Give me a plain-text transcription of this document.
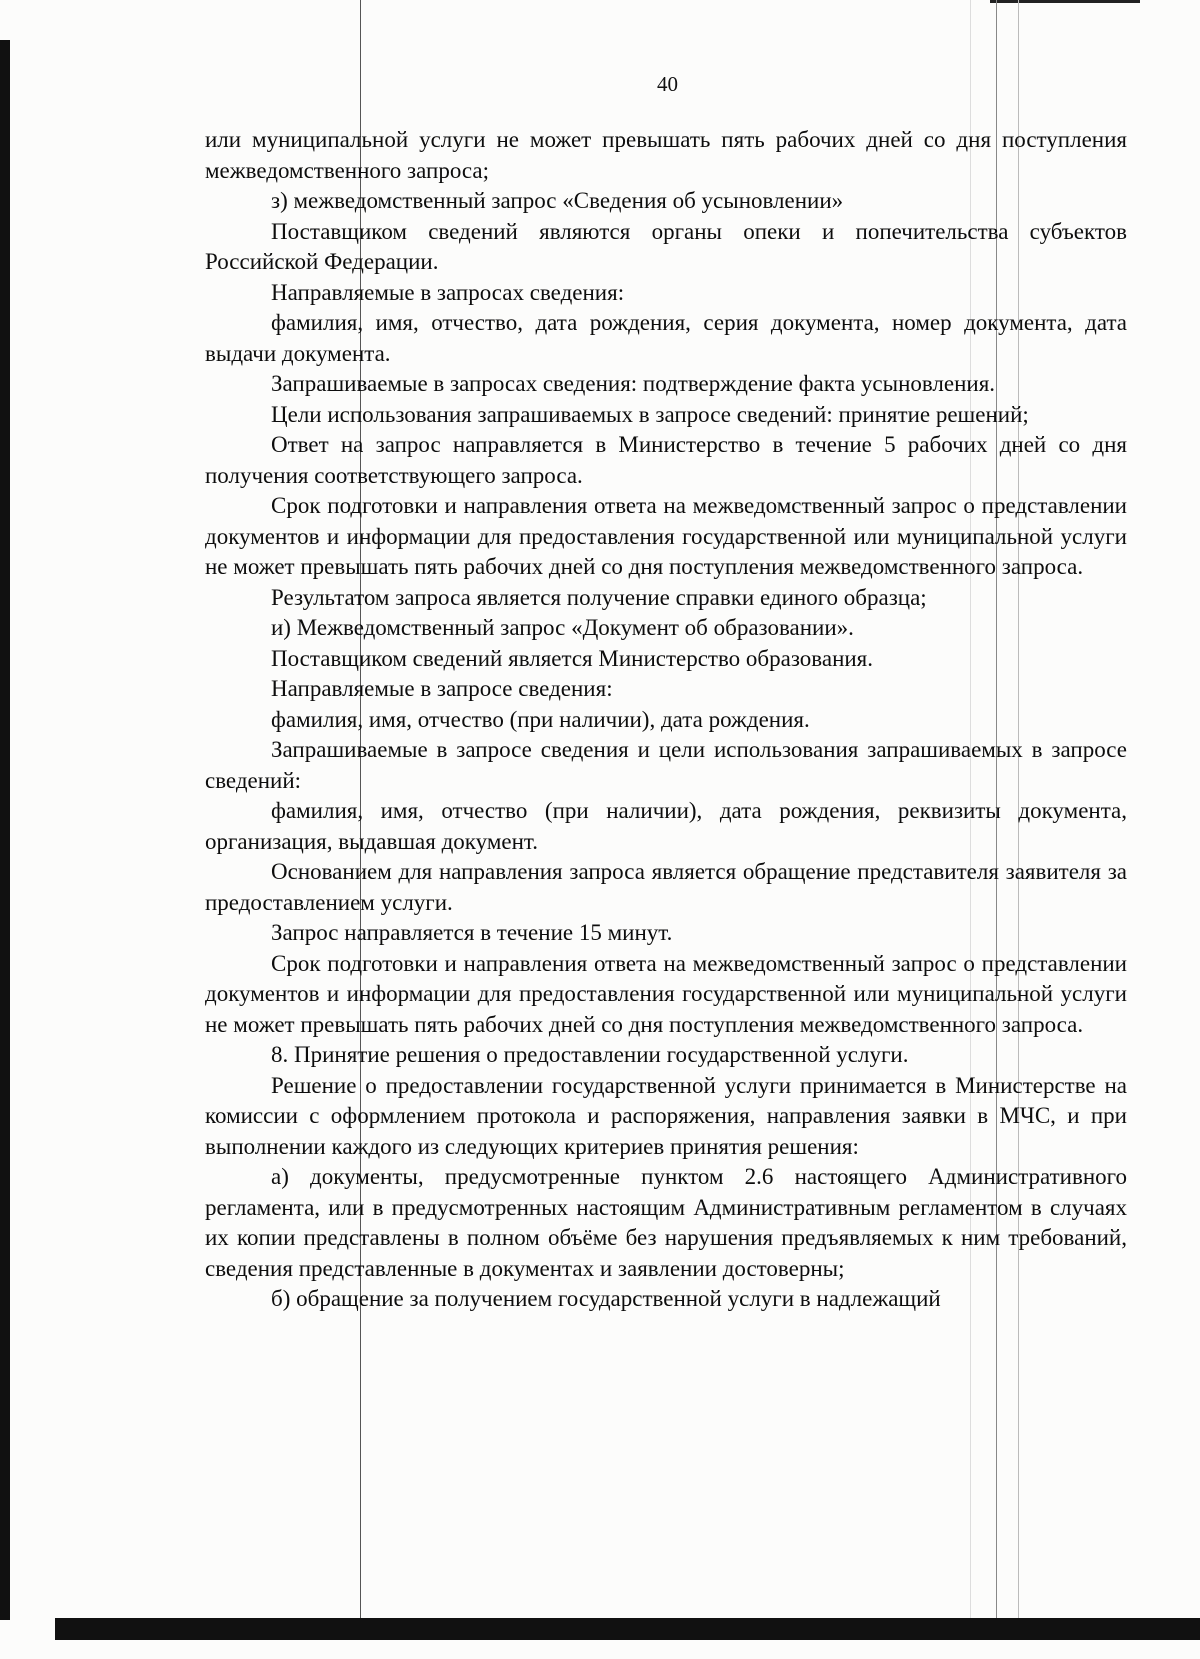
40

или муниципальной услуги не может превышать пять рабочих дней со дня поступления межведомственного запроса;

з) межведомственный запрос «Сведения об усыновлении»

Поставщиком сведений являются органы опеки и попечительства субъектов Российской Федерации.

Направляемые в запросах сведения:

фамилия, имя, отчество, дата рождения, серия документа, номер документа, дата выдачи документа.

Запрашиваемые в запросах сведения: подтверждение факта усыновления.

Цели использования запрашиваемых в запросе сведений: принятие решений;

Ответ на запрос направляется в Министерство в течение 5 рабочих дней со дня получения соответствующего запроса.

Срок подготовки и направления ответа на межведомственный запрос о представлении документов и информации для предоставления государственной или муниципальной услуги не может превышать пять рабочих дней со дня поступления межведомственного запроса.

Результатом запроса является получение справки единого образца;

и) Межведомственный запрос «Документ об образовании».

Поставщиком сведений является Министерство образования.

Направляемые в запросе сведения:

фамилия, имя, отчество (при наличии), дата рождения.

Запрашиваемые в запросе сведения и цели использования запрашиваемых в запросе сведений:

фамилия, имя, отчество (при наличии), дата рождения, реквизиты документа, организация, выдавшая документ.

Основанием для направления запроса является обращение представителя заявителя за предоставлением услуги.

Запрос направляется в течение 15 минут.

Срок подготовки и направления ответа на межведомственный запрос о представлении документов и информации для предоставления государственной или муниципальной услуги не может превышать пять рабочих дней со дня поступления межведомственного запроса.

8. Принятие решения о предоставлении государственной услуги.

Решение о предоставлении государственной услуги принимается в Министерстве на комиссии с оформлением протокола и распоряжения, направления заявки в МЧС, и при выполнении каждого из следующих критериев принятия решения:

а) документы, предусмотренные пунктом 2.6 настоящего Административного регламента, или в предусмотренных настоящим Административным регламентом в случаях их копии представлены в полном объёме без нарушения предъявляемых к ним требований, сведения представленные в документах и заявлении достоверны;

б) обращение за получением государственной услуги в надлежащий
